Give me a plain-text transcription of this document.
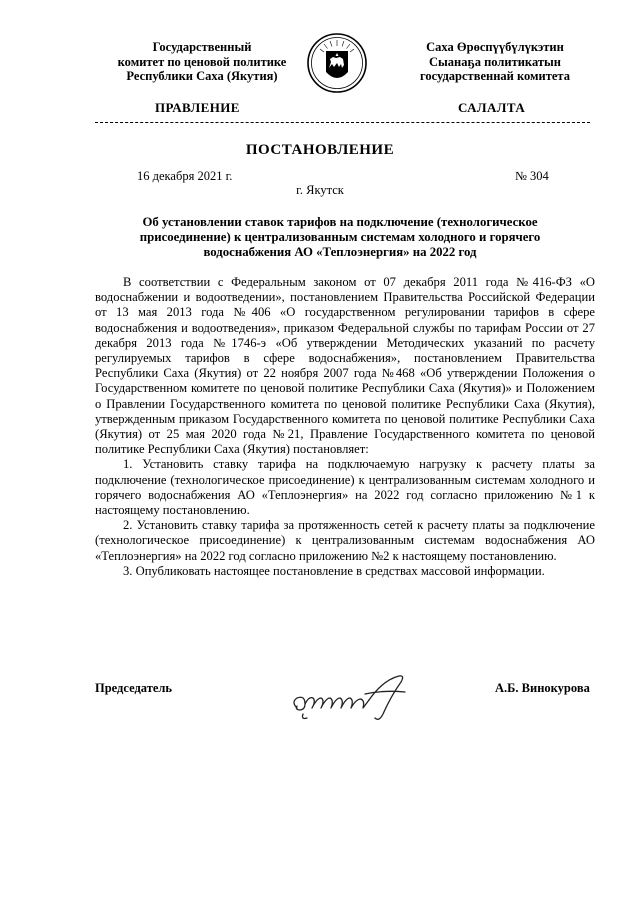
Государственный
комитет по ценовой политике
Республики Саха (Якутия)
Саха Өрөспүүбүлүкэтин
Сыанаҕа политикатын
государственнай комитета
ПРАВЛЕНИЕ	САЛАЛТА
ПОСТАНОВЛЕНИЕ
16 декабря 2021 г.	№ 304
г. Якутск
Об установлении ставок тарифов на подключение (технологическое присоединение) к централизованным системам холодного и горячего водоснабжения АО «Теплоэнергия» на 2022 год

В соответствии с Федеральным законом от 07 декабря 2011 года №416-ФЗ «О водоснабжении и водоотведении», постановлением Правительства Российской Федерации от 13 мая 2013 года №406 «О государственном регулировании тарифов в сфере водоснабжения и водоотведения», приказом Федеральной службы по тарифам России от 27 декабря 2013 года №1746-э «Об утверждении Методических указаний по расчету регулируемых тарифов в сфере водоснабжения», постановлением Правительства Республики Саха (Якутия) от 22 ноября 2007 года №468 «Об утверждении Положения о Государственном комитете по ценовой политике Республики Саха (Якутия)» и Положением о Правлении Государственного комитета по ценовой политике Республики Саха (Якутия), утвержденным приказом Государственного комитета по ценовой политике Республики Саха (Якутия) от 25 мая 2020 года №21, Правление Государственного комитета по ценовой политике Республики Саха (Якутия) постановляет:

1. Установить ставку тарифа на подключаемую нагрузку к расчету платы за подключение (технологическое присоединение) к централизованным системам холодного и горячего водоснабжения АО «Теплоэнергия» на 2022 год согласно приложению №1 к настоящему постановлению.

2. Установить ставку тарифа за протяженность сетей к расчету платы за подключение (технологическое присоединение) к централизованным системам водоснабжения АО «Теплоэнергия» на 2022 год согласно приложению №2 к настоящему постановлению.

3. Опубликовать настоящее постановление в средствах массовой информации.

Председатель	А.Б. Винокурова
